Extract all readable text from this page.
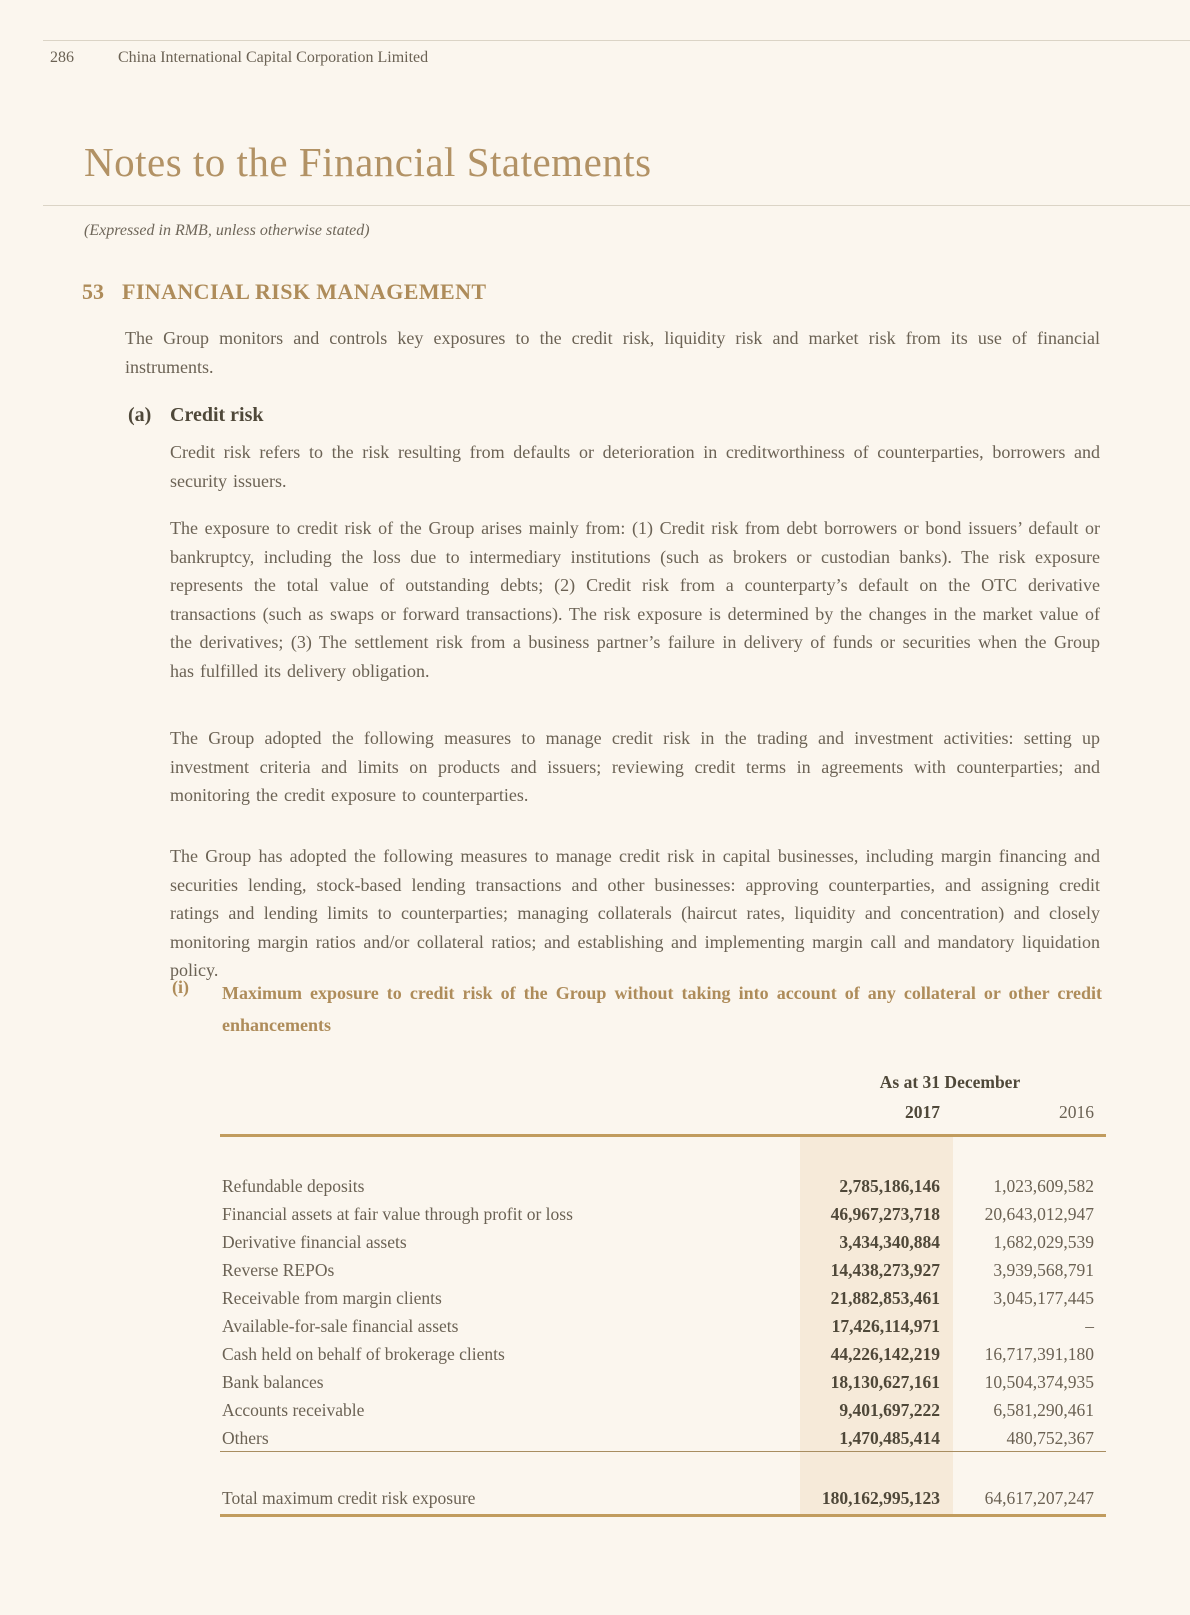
286	China International Capital Corporation Limited
Notes to the Financial Statements
(Expressed in RMB, unless otherwise stated)
53 FINANCIAL RISK MANAGEMENT
The Group monitors and controls key exposures to the credit risk, liquidity risk and market risk from its use of financial instruments.
(a) Credit risk
Credit risk refers to the risk resulting from defaults or deterioration in creditworthiness of counterparties, borrowers and security issuers.
The exposure to credit risk of the Group arises mainly from: (1) Credit risk from debt borrowers or bond issuers’ default or bankruptcy, including the loss due to intermediary institutions (such as brokers or custodian banks). The risk exposure represents the total value of outstanding debts; (2) Credit risk from a counterparty’s default on the OTC derivative transactions (such as swaps or forward transactions). The risk exposure is determined by the changes in the market value of the derivatives; (3) The settlement risk from a business partner’s failure in delivery of funds or securities when the Group has fulfilled its delivery obligation.
The Group adopted the following measures to manage credit risk in the trading and investment activities: setting up investment criteria and limits on products and issuers; reviewing credit terms in agreements with counterparties; and monitoring the credit exposure to counterparties.
The Group has adopted the following measures to manage credit risk in capital businesses, including margin financing and securities lending, stock-based lending transactions and other businesses: approving counterparties, and assigning credit ratings and lending limits to counterparties; managing collaterals (haircut rates, liquidity and concentration) and closely monitoring margin ratios and/or collateral ratios; and establishing and implementing margin call and mandatory liquidation policy.
(i) Maximum exposure to credit risk of the Group without taking into account of any collateral or other credit enhancements
As at 31 December
2017	2016
Refundable deposits	2,785,186,146	1,023,609,582
Financial assets at fair value through profit or loss	46,967,273,718	20,643,012,947
Derivative financial assets	3,434,340,884	1,682,029,539
Reverse REPOs	14,438,273,927	3,939,568,791
Receivable from margin clients	21,882,853,461	3,045,177,445
Available-for-sale financial assets	17,426,114,971	–
Cash held on behalf of brokerage clients	44,226,142,219	16,717,391,180
Bank balances	18,130,627,161	10,504,374,935
Accounts receivable	9,401,697,222	6,581,290,461
Others	1,470,485,414	480,752,367
Total maximum credit risk exposure	180,162,995,123	64,617,207,247
